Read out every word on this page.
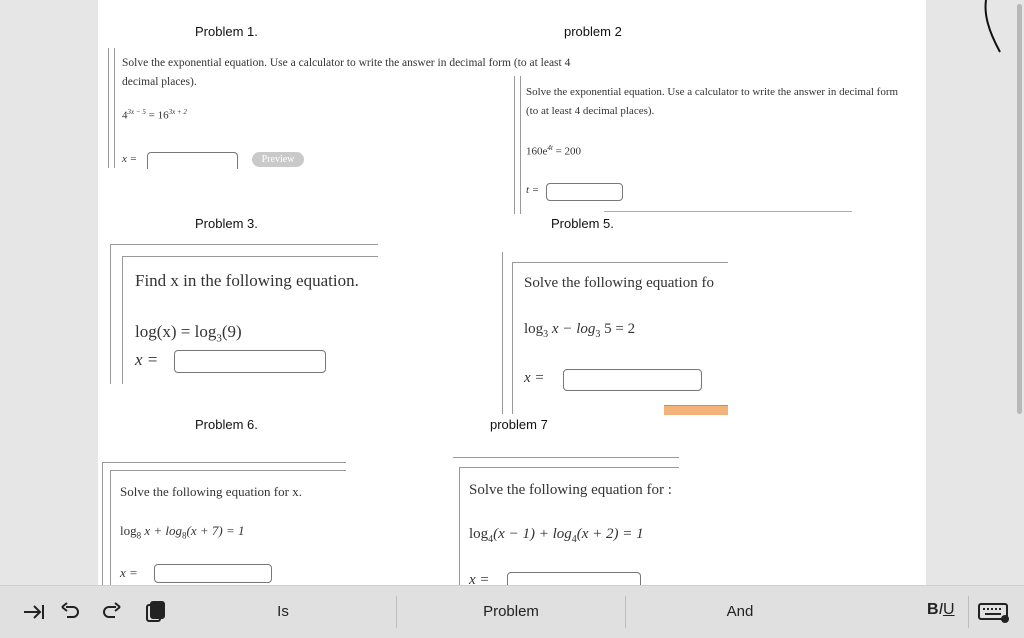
Problem 1.
Solve the exponential equation. Use a calculator to write the answer in decimal form (to at least 4 decimal places).
$4^{3x - 5} = 16^{3x + 2}$
x =	Preview
problem 2
Solve the exponential equation. Use a calculator to write the answer in decimal form (to at least 4 decimal places).
$160e^{4t} = 200$
t =
Problem 3.
Find x in the following equation.
$\log(x) = \log_3(9)$
x =
Problem 5.
Solve the following equation fo
$\log_3 x - \log_3 5 = 2$
x =
Problem 6.
Solve the following equation for x.
$\log_8 x + \log_8(x + 7) = 1$
x =
problem 7
Solve the following equation for :
$\log_4(x - 1) + \log_4(x + 2) = 1$
x =
Is	Problem	And	BIU
